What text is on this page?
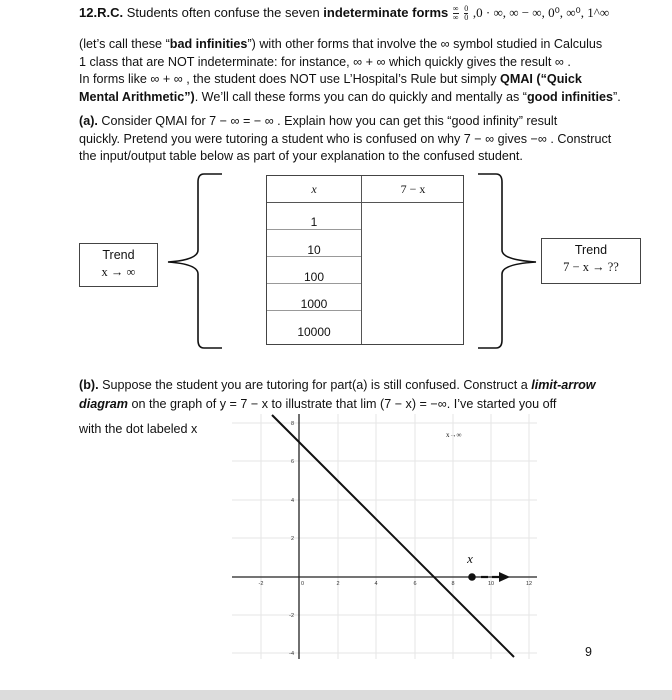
12.R.C. Students often confuse the seven indeterminate forms $\frac{\infty}{\infty}$
$\frac{0}{0} ,0$ · ∞, ∞ − ∞, 0⁰, ∞⁰, 1^∞
(let’s call these “bad infinities”) with other forms that involve the ∞ symbol studied in Calculus
1 class that are NOT indeterminate: for instance, ∞ + ∞ which quickly gives the result ∞ .
In forms like ∞ + ∞ , the student does NOT use L’Hospital’s Rule but simply QMAI (“Quick
Mental Arithmetic”). We’ll call these forms you can do quickly and mentally as “good infinities”.
(a). Consider QMAI for 7 − ∞ = − ∞ . Explain how you can get this “good infinity” result
quickly. Pretend you were tutoring a student who is confused on why 7 − ∞ gives −∞ . Construct
the input/output table below as part of your explanation to the confused student.
x	7 − x
1
10
100
1000
10000
Trend
x → ∞
Trend
7 − x → ??
(b). Suppose the student you are tutoring for part(a) is still confused. Construct a limit-arrow
diagram on the graph of y = 7 − x to illustrate that lim (7 − x) = −∞. I’ve started you off
with the dot labeled x	x→∞
-2	0	2	4	6	8	10	12
8
6
4
2
-2
-4
x
9
